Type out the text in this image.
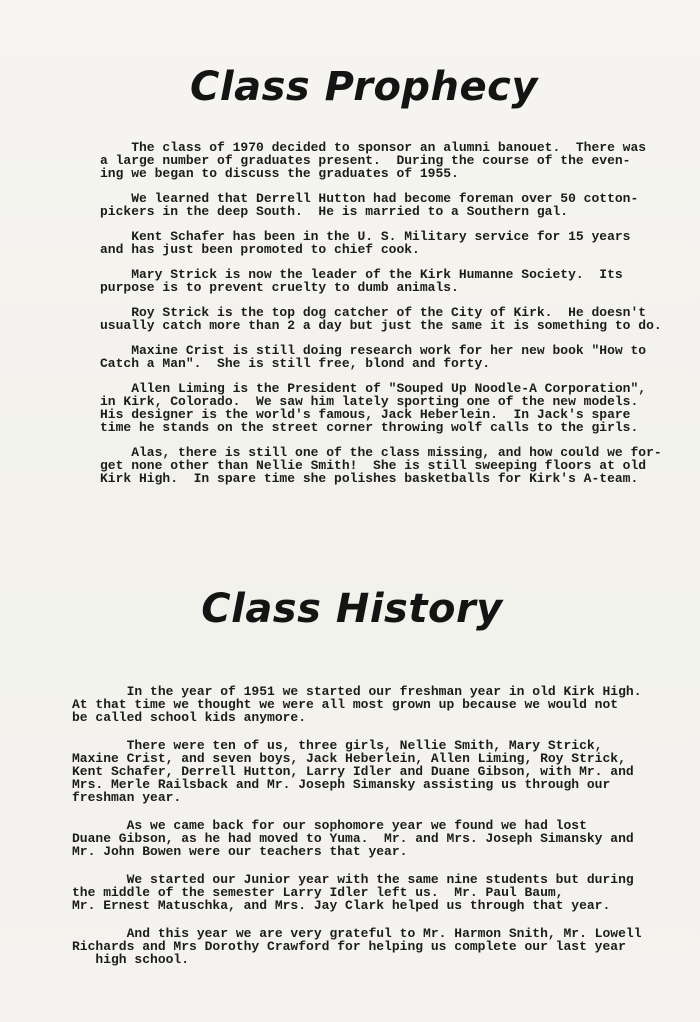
Class Prophecy

The class of 1970 decided to sponsor an alumni banouet.  There was
a large number of graduates present.  During the course of the even-
ing we began to discuss the graduates of 1955.

We learned that Derrell Hutton had become foreman over 50 cotton-
pickers in the deep South.  He is married to a Southern gal.

Kent Schafer has been in the U. S. Military service for 15 years
and has just been promoted to chief cook.

Mary Strick is now the leader of the Kirk Humanne Society.  Its
purpose is to prevent cruelty to dumb animals.

Roy Strick is the top dog catcher of the City of Kirk.  He doesn't
usually catch more than 2 a day but just the same it is something to do.

Maxine Crist is still doing research work for her new book "How to
Catch a Man".  She is still free, blond and forty.

Allen Liming is the President of "Souped Up Noodle-A Corporation",
in Kirk, Colorado.  We saw him lately sporting one of the new models.
His designer is the world's famous, Jack Heberlein.  In Jack's spare
time he stands on the street corner throwing wolf calls to the girls.

Alas, there is still one of the class missing, and how could we for-
get none other than Nellie Smith!  She is still sweeping floors at old
Kirk High.  In spare time she polishes basketballs for Kirk's A-team.

Class History

In the year of 1951 we started our freshman year in old Kirk High.
At that time we thought we were all most grown up because we would not
be called school kids anymore.

There were ten of us, three girls, Nellie Smith, Mary Strick,
Maxine Crist, and seven boys, Jack Heberlein, Allen Liming, Roy Strick,
Kent Schafer, Derrell Hutton, Larry Idler and Duane Gibson, with Mr. and
Mrs. Merle Railsback and Mr. Joseph Simansky assisting us through our
freshman year.

As we came back for our sophomore year we found we had lost
Duane Gibson, as he had moved to Yuma.  Mr. and Mrs. Joseph Simansky and
Mr. John Bowen were our teachers that year.

We started our Junior year with the same nine students but during
the middle of the semester Larry Idler left us.  Mr. Paul Baum,
Mr. Ernest Matuschka, and Mrs. Jay Clark helped us through that year.

And this year we are very grateful to Mr. Harmon Snith, Mr. Lowell
Richards and Mrs Dorothy Crawford for helping us complete our last year
high school.
